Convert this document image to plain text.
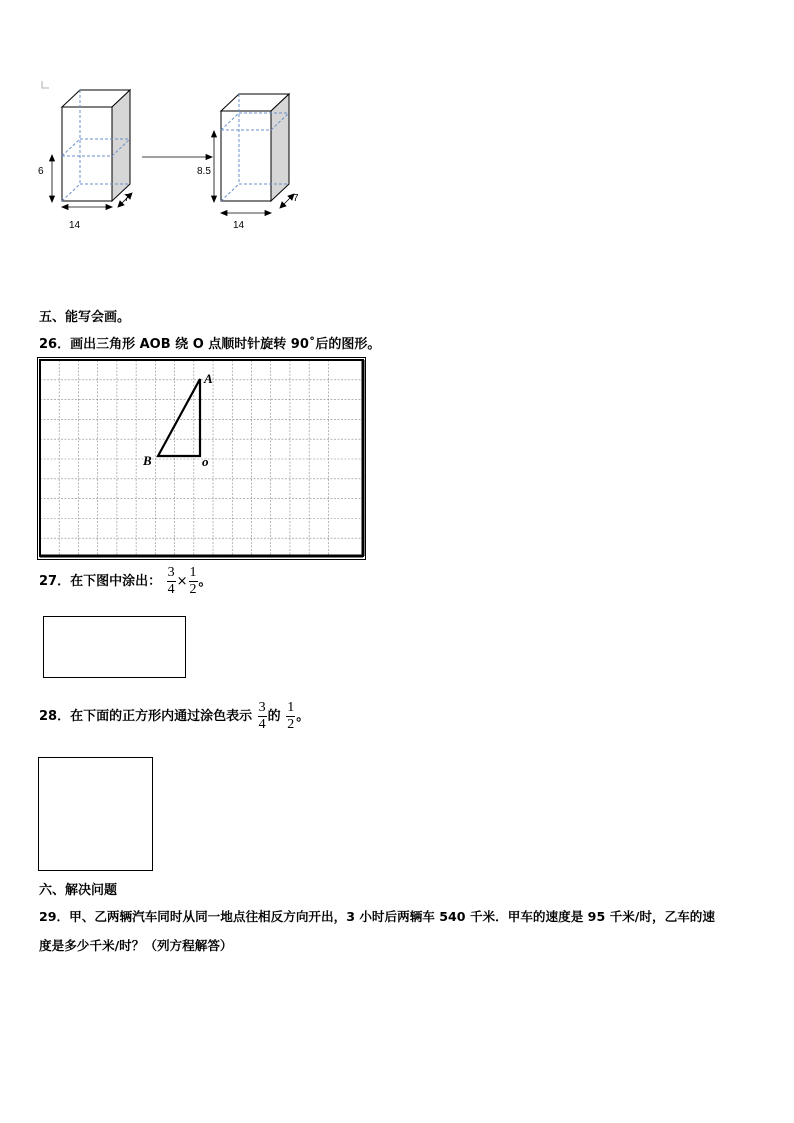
6
14
7
8.5
14
7
五、能写会画。
26．画出三角形 AOB 绕 O 点顺时针旋转 90˚后的图形。
A
B	o
27．在下图中涂出： $\frac{3}{4} \times \frac{1}{2}$ 。
28．在下面的正方形内通过涂色表示 $\frac{3}{4}$ 的 $\frac{1}{2}$ 。
六、解决问题
29．甲、乙两辆汽车同时从同一地点往相反方向开出，3 小时后两辆车 540 千米．甲车的速度是 95 千米/时，乙车的速
度是多少千米/时？（列方程解答）
